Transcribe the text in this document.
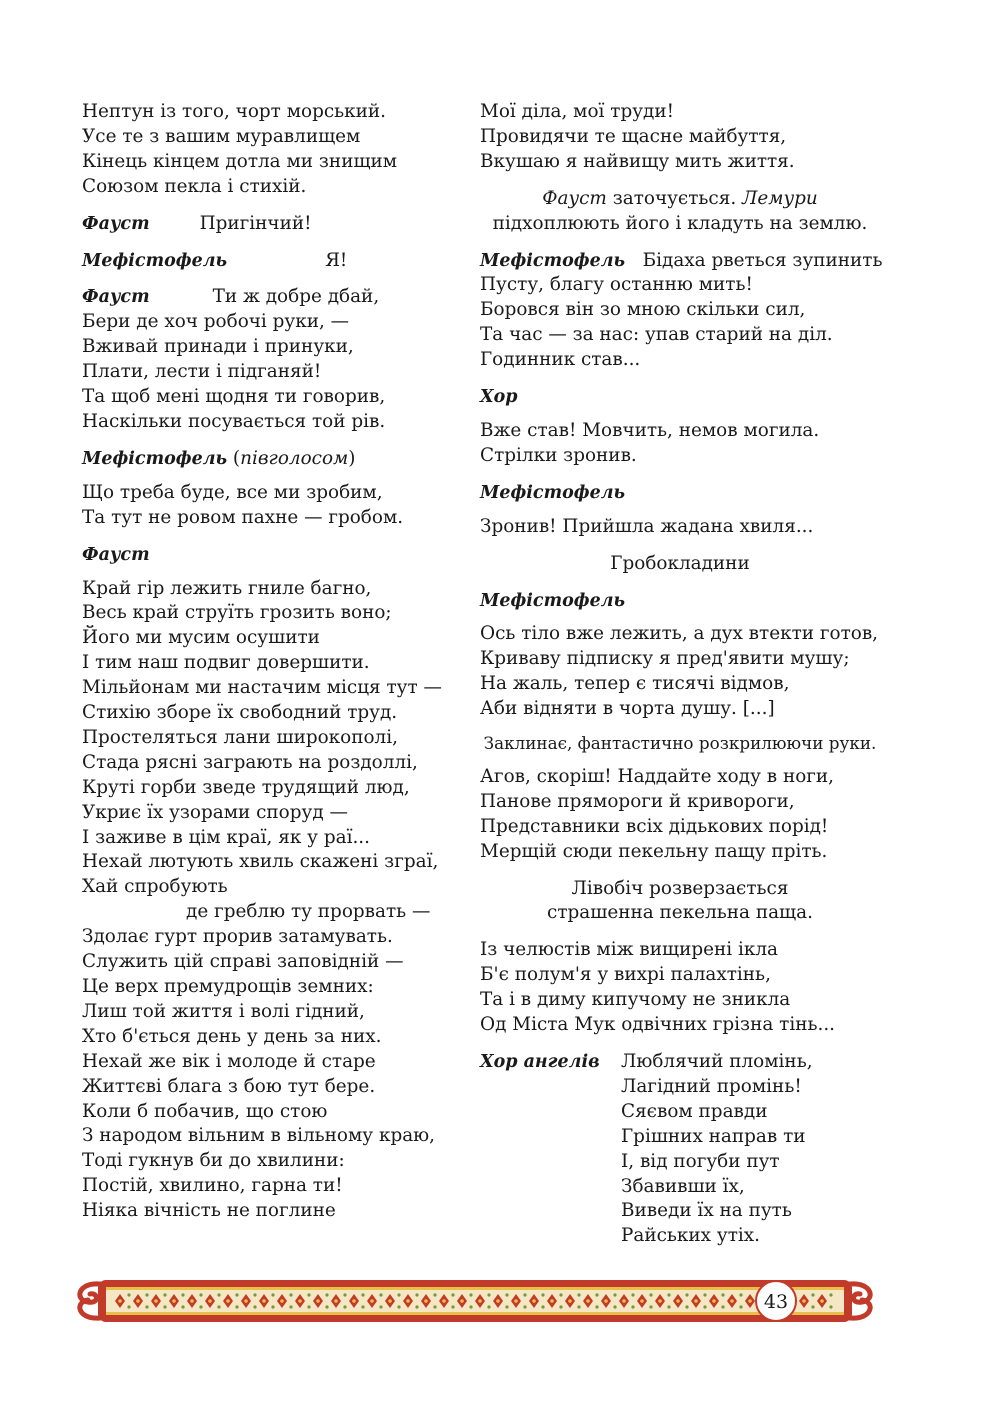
Нептун із того, чорт морський.
Усе те з вашим муравлищем
Кінець кінцем дотла ми знищим
Союзом пекла і стихій.
Фауст	Пригінчий!
Мефістофель	Я!
Фауст	Ти ж добре дбай,
Бери де хоч робочі руки, —
Вживай принади і принуки,
Плати, лести і підганяй!
Та щоб мені щодня ти говорив,
Наскільки посувається той рів.
Мефістофель (півголосом)
Що треба буде, все ми зробим,
Та тут не ровом пахне — гробом.
Фауст
Край гір лежить гниле багно,
Весь край струїть грозить воно;
Його ми мусим осушити
І тим наш подвиг довершити.
Мільйонам ми настачим місця тут —
Стихію зборе їх свободний труд.
Простеляться лани широкополі,
Стада рясні заграють на роздоллі,
Круті горби зведе трудящий люд,
Укриє їх узорами споруд —
І заживе в цім краї, як у раї...
Нехай лютують хвиль скажені зграї,
Хай спробують
де греблю ту прорвать —
Здолає гурт прорив затамувать.
Служить цій справі заповідній —
Це верх премудрощів земних:
Лиш той життя і волі гідний,
Хто б'ється день у день за них.
Нехай же вік і молоде й старе
Життєві блага з бою тут бере.
Коли б побачив, що стою
З народом вільним в вільному краю,
Тоді гукнув би до хвилини:
Постій, хвилино, гарна ти!
Ніяка вічність не поглине
Мої діла, мої труди!
Провидячи те щасне майбуття,
Вкушаю я найвищу мить життя.
Фауст заточується. Лемури
підхоплюють його і кладуть на землю.
Мефістофель Бідаха рветься зупинить
Пусту, благу останню мить!
Боровся він зо мною скільки сил,
Та час — за нас: упав старий на діл.
Годинник став...
Хор
Вже став! Мовчить, немов могила.
Стрілки зронив.
Мефістофель
Зронив! Прийшла жадана хвиля...
Гробокладини
Мефістофель
Ось тіло вже лежить, а дух втекти готов,
Криваву підписку я пред'явити мушу;
На жаль, тепер є тисячі відмов,
Аби відняти в чорта душу. [...]
Заклинає, фантастично розкрилюючи руки.
Агов, скоріш! Наддайте ходу в ноги,
Панове прямороги й кривороги,
Представники всіх дідькових порід!
Мерщій сюди пекельну пащу пріть.
Лівобіч розверзається
страшенна пекельна паща.
Із челюстів між вищирені ікла
Б'є полум'я у вихрі палахтінь,
Та і в диму кипучому не зникла
Од Міста Мук одвічних грізна тінь...
Хор ангелів	Люблячий пломінь,
Лагідний промінь!
Сяєвом правди
Грішних направ ти
І, від погуби пут
Збавивши їх,
Виведи їх на путь
Райських утіх.
43
